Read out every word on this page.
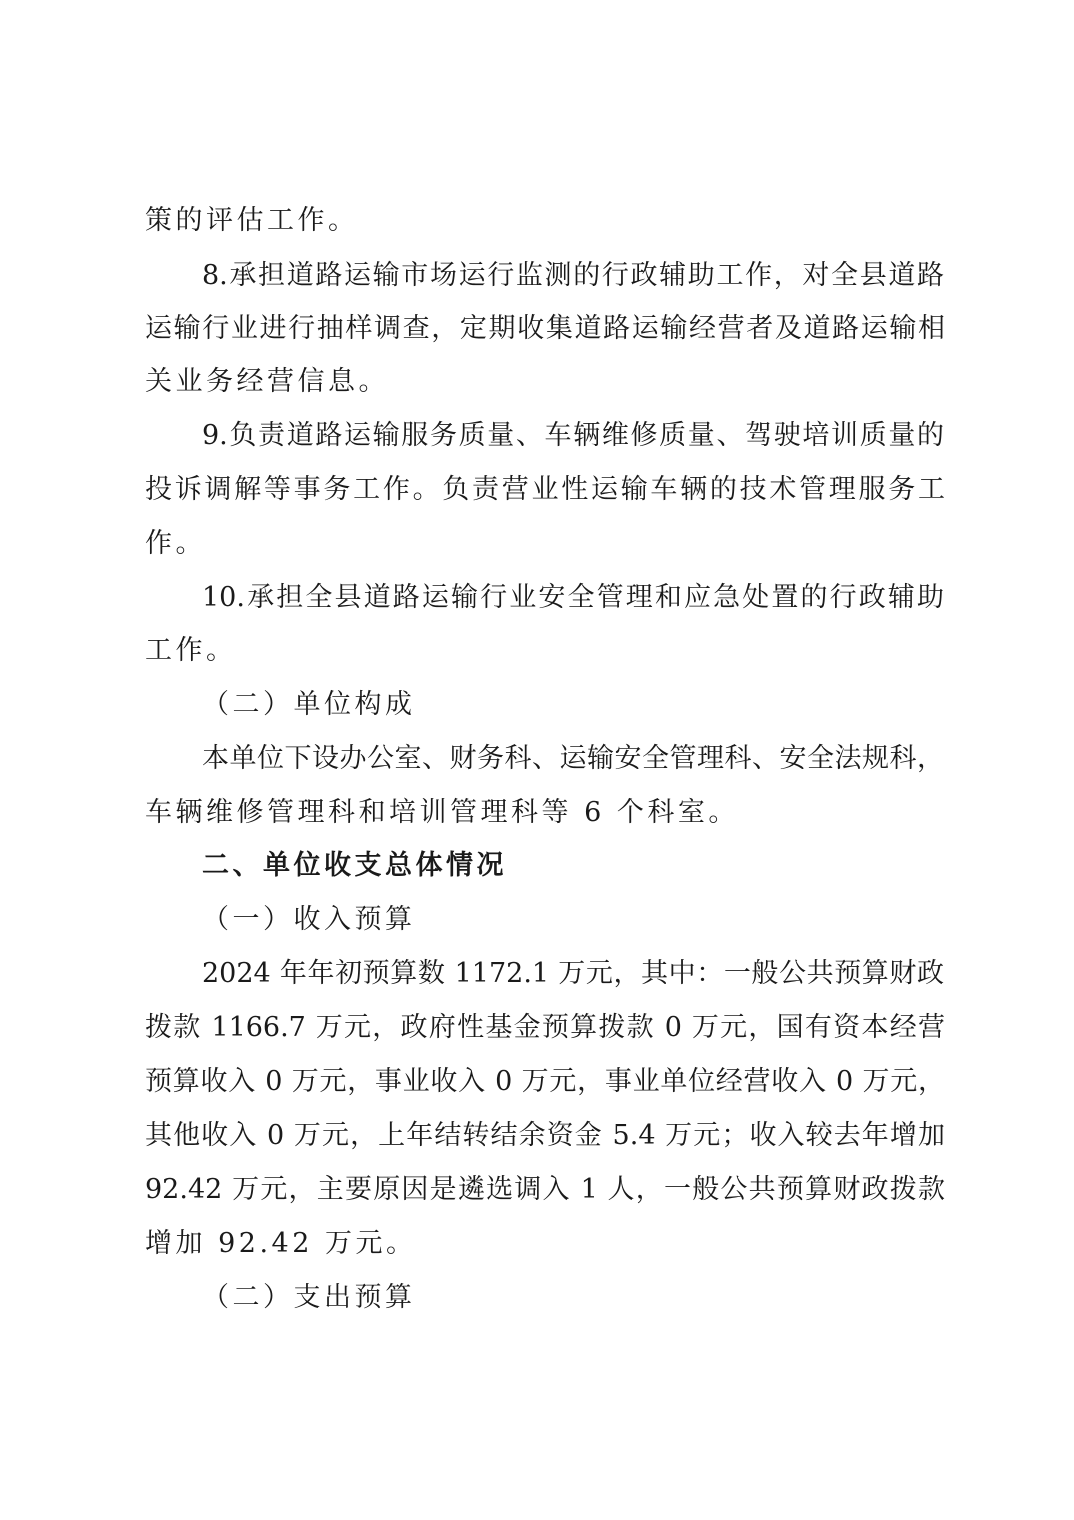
策的评估工作。
8.承担道路运输市场运行监测的行政辅助工作，对全县道路
运输行业进行抽样调查，定期收集道路运输经营者及道路运输相
关业务经营信息。
9.负责道路运输服务质量、车辆维修质量、驾驶培训质量的
投诉调解等事务工作。负责营业性运输车辆的技术管理服务工
作。
10.承担全县道路运输行业安全管理和应急处置的行政辅助
工作。
（二）单位构成
本单位下设办公室、财务科、运输安全管理科、安全法规科，
车辆维修管理科和培训管理科等 6 个科室。
二、单位收支总体情况
（一）收入预算
2024 年年初预算数 1172.1 万元，其中：一般公共预算财政
拨款 1166.7 万元，政府性基金预算拨款 0 万元，国有资本经营
预算收入 0 万元，事业收入 0 万元，事业单位经营收入 0 万元，
其他收入 0 万元，上年结转结余资金 5.4 万元；收入较去年增加
92.42 万元，主要原因是遴选调入 1 人，一般公共预算财政拨款
增加 92.42 万元。
（二）支出预算
